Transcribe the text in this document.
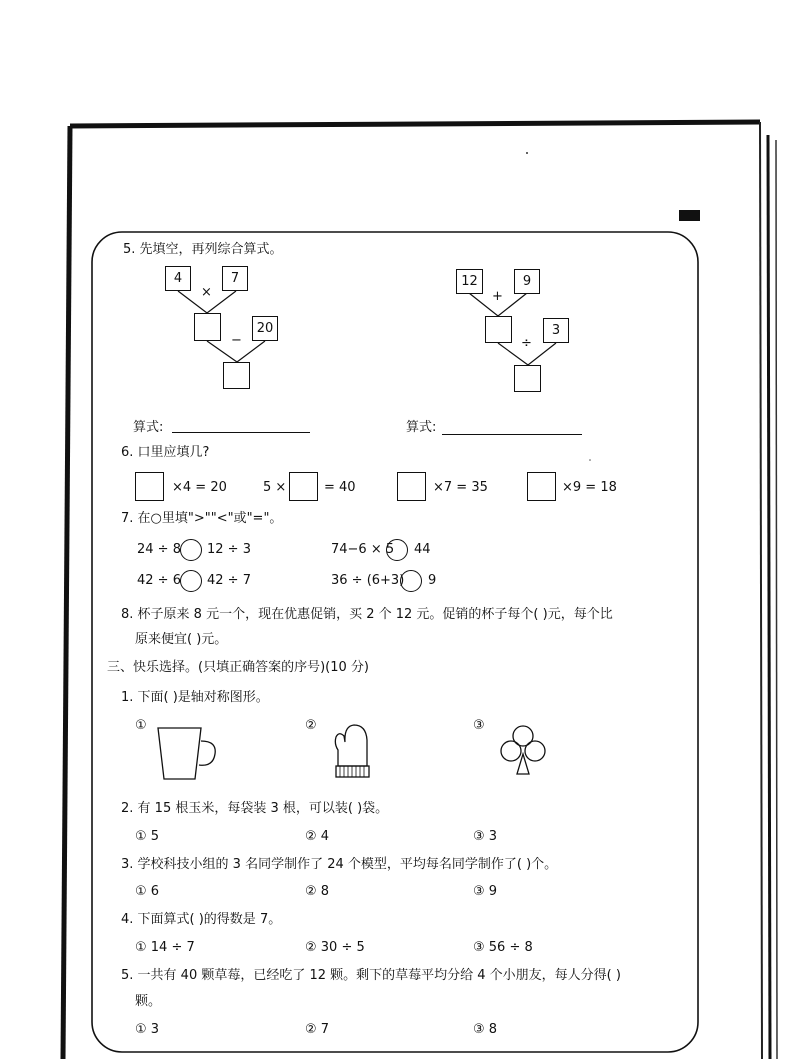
5. 先填空，再列综合算式。
4
×
7
−
20
12
+
9
÷
3
算式:	算式:
6. 口里应填几?
×4 = 20	5 ×	= 40	×7 = 35	×9 = 18
7. 在○里填">""<"或"="。
24 ÷ 8 12 ÷ 3	74−6 × 5 44
42 ÷ 6 42 ÷ 7	36 ÷ (6+3) 9
8. 杯子原来 8 元一个，现在优惠促销，买 2 个 12 元。促销的杯子每个( )元，每个比
原来便宜( )元。
三、快乐选择。(只填正确答案的序号)(10 分)
1. 下面( )是轴对称图形。
①	②	③
2. 有 15 根玉米，每袋装 3 根，可以装( )袋。
① 5	② 4	③ 3
3. 学校科技小组的 3 名同学制作了 24 个模型，平均每名同学制作了( )个。
① 6	② 8	③ 9
4. 下面算式( )的得数是 7。
① 14 ÷ 7	② 30 ÷ 5	③ 56 ÷ 8
5. 一共有 40 颗草莓，已经吃了 12 颗。剩下的草莓平均分给 4 个小朋友，每人分得( )
颗。
① 3	② 7	③ 8
